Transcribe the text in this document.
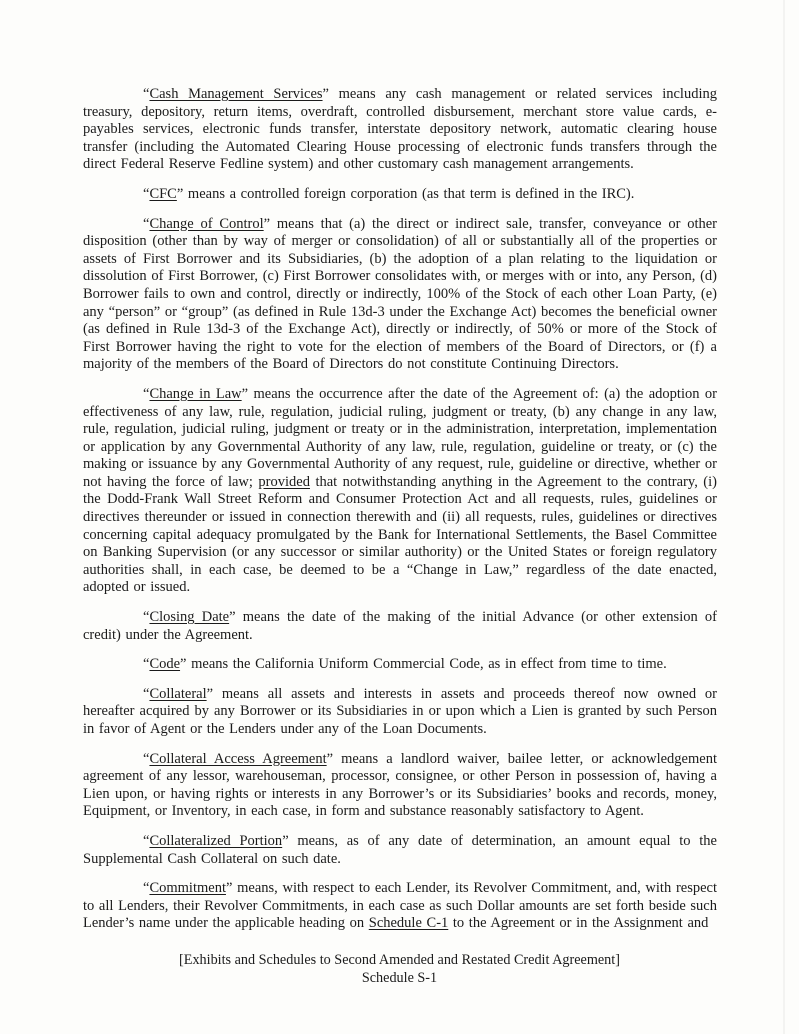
“Cash Management Services” means any cash management or related services including treasury, depository, return items, overdraft, controlled disbursement, merchant store value cards, e-payables services, electronic funds transfer, interstate depository network, automatic clearing house transfer (including the Automated Clearing House processing of electronic funds transfers through the direct Federal Reserve Fedline system) and other customary cash management arrangements.

“CFC” means a controlled foreign corporation (as that term is defined in the IRC).

“Change of Control” means that (a) the direct or indirect sale, transfer, conveyance or other disposition (other than by way of merger or consolidation) of all or substantially all of the properties or assets of First Borrower and its Subsidiaries, (b) the adoption of a plan relating to the liquidation or dissolution of First Borrower, (c) First Borrower consolidates with, or merges with or into, any Person, (d) Borrower fails to own and control, directly or indirectly, 100% of the Stock of each other Loan Party, (e) any “person” or “group” (as defined in Rule 13d-3 under the Exchange Act) becomes the beneficial owner (as defined in Rule 13d-3 of the Exchange Act), directly or indirectly, of 50% or more of the Stock of First Borrower having the right to vote for the election of members of the Board of Directors, or (f) a majority of the members of the Board of Directors do not constitute Continuing Directors.

“Change in Law” means the occurrence after the date of the Agreement of: (a) the adoption or effectiveness of any law, rule, regulation, judicial ruling, judgment or treaty, (b) any change in any law, rule, regulation, judicial ruling, judgment or treaty or in the administration, interpretation, implementation or application by any Governmental Authority of any law, rule, regulation, guideline or treaty, or (c) the making or issuance by any Governmental Authority of any request, rule, guideline or directive, whether or not having the force of law; provided that notwithstanding anything in the Agreement to the contrary, (i) the Dodd-Frank Wall Street Reform and Consumer Protection Act and all requests, rules, guidelines or directives thereunder or issued in connection therewith and (ii) all requests, rules, guidelines or directives concerning capital adequacy promulgated by the Bank for International Settlements, the Basel Committee on Banking Supervision (or any successor or similar authority) or the United States or foreign regulatory authorities shall, in each case, be deemed to be a “Change in Law,” regardless of the date enacted, adopted or issued.

“Closing Date” means the date of the making of the initial Advance (or other extension of credit) under the Agreement.

“Code” means the California Uniform Commercial Code, as in effect from time to time.

“Collateral” means all assets and interests in assets and proceeds thereof now owned or hereafter acquired by any Borrower or its Subsidiaries in or upon which a Lien is granted by such Person in favor of Agent or the Lenders under any of the Loan Documents.

“Collateral Access Agreement” means a landlord waiver, bailee letter, or acknowledgement agreement of any lessor, warehouseman, processor, consignee, or other Person in possession of, having a Lien upon, or having rights or interests in any Borrower’s or its Subsidiaries’ books and records, money, Equipment, or Inventory, in each case, in form and substance reasonably satisfactory to Agent.

“Collateralized Portion” means, as of any date of determination, an amount equal to the Supplemental Cash Collateral on such date.

“Commitment” means, with respect to each Lender, its Revolver Commitment, and, with respect to all Lenders, their Revolver Commitments, in each case as such Dollar amounts are set forth beside such Lender’s name under the applicable heading on Schedule C-1 to the Agreement or in the Assignment and

[Exhibits and Schedules to Second Amended and Restated Credit Agreement]
Schedule S-1
